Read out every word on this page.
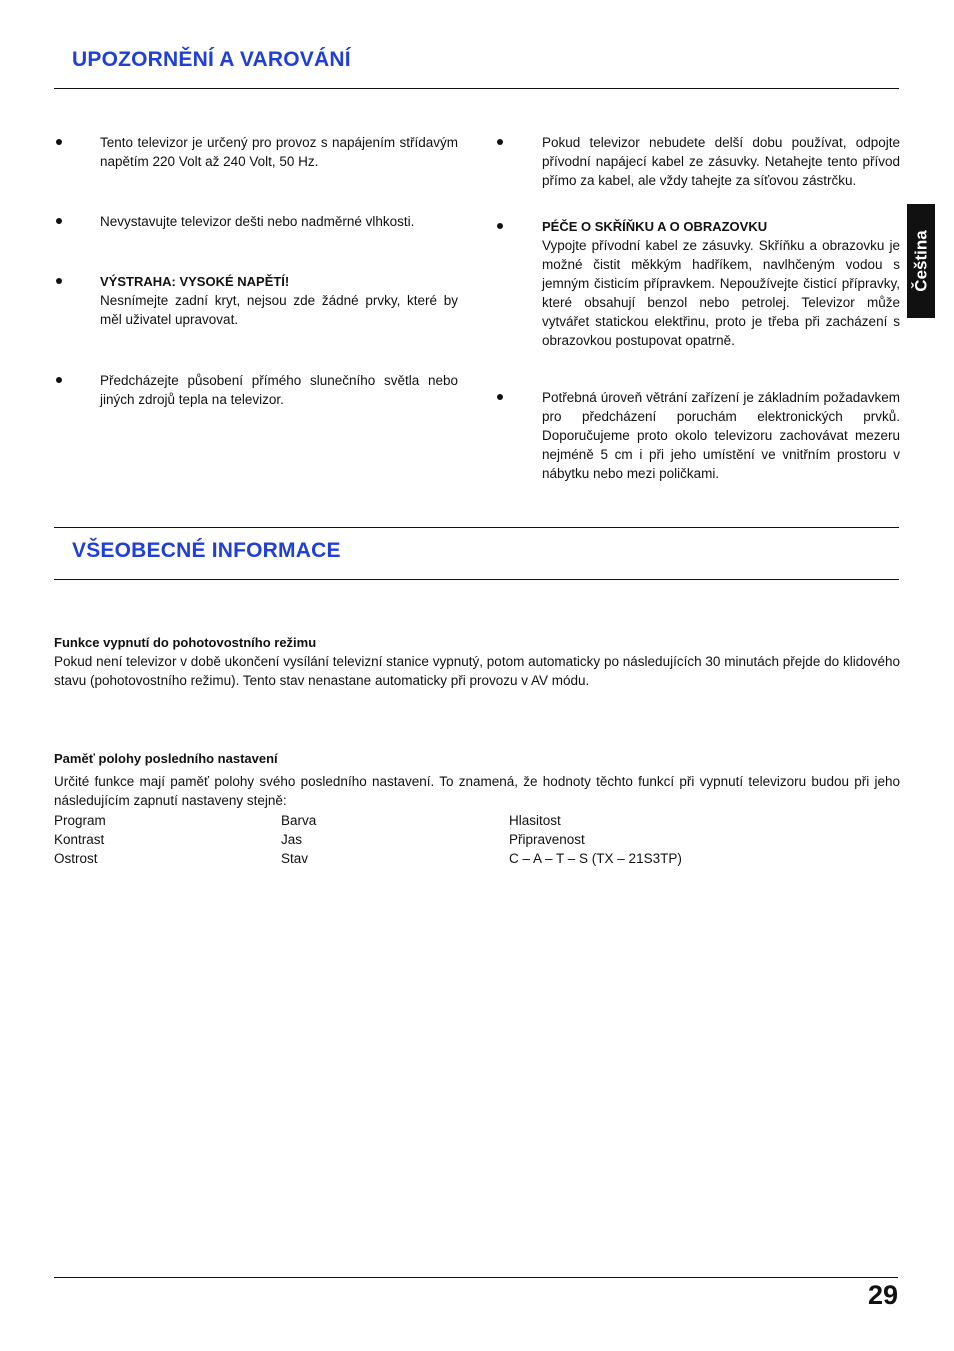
UPOZORNĚNÍ A VAROVÁNÍ
Čeština

Tento televizor je určený pro provoz s napájením střídavým napětím 220 Volt až 240 Volt, 50 Hz.

Nevystavujte televizor dešti nebo nadměrné vlhkosti.

VÝSTRAHA: VYSOKÉ NAPĚTÍ!
Nesnímejte zadní kryt, nejsou zde žádné prvky, které by měl uživatel upravovat.

Předcházejte působení přímého slunečního světla nebo jiných zdrojů tepla na televizor.

Pokud televizor nebudete delší dobu používat, odpojte přívodní napájecí kabel ze zásuvky. Netahejte tento přívod přímo za kabel, ale vždy tahejte za síťovou zástrčku.

PÉČE O SKŘÍŇKU A O OBRAZOVKU
Vypojte přívodní kabel ze zásuvky. Skříňku a obrazovku je možné čistit měkkým hadříkem, navlhčeným vodou s jemným čisticím přípravkem. Nepoužívejte čisticí přípravky, které obsahují benzol nebo petrolej. Televizor může vytvářet statickou elektřinu, proto je třeba při zacházení s obrazovkou postupovat opatrně.

Potřebná úroveň větrání zařízení je základním požadavkem pro předcházení poruchám elektronických prvků. Doporučujeme proto okolo televizoru zachovávat mezeru nejméně 5 cm i při jeho umístění ve vnitřním prostoru v nábytku nebo mezi poličkami.

VŠEOBECNÉ INFORMACE
Funkce vypnutí do pohotovostního režimu

Pokud není televizor v době ukončení vysílání televizní stanice vypnutý, potom automaticky po následujících 30 minutách přejde do klidového stavu (pohotovostního režimu). Tento stav nenastane automaticky při provozu v AV módu.

Paměť polohy posledního nastavení

Určité funkce mají paměť polohy svého posledního nastavení. To znamená, že hodnoty těchto funkcí při vypnutí televizoru budou při jeho následujícím zapnutí nastaveny stejně:

Program	Barva	Hlasitost
Kontrast	Jas	Připravenost
Ostrost	Stav	C – A – T – S (TX – 21S3TP)
29
